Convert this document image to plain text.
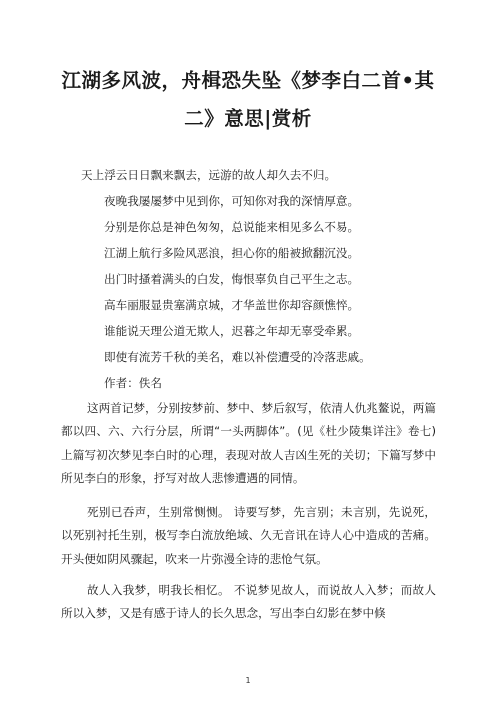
江湖多风波，舟楫恐失坠《梦李白二首•其
二》意思|赏析
天上浮云日日飘来飘去，远游的故人却久去不归。
夜晚我屡屡梦中见到你，可知你对我的深情厚意。
分别是你总是神色匆匆，总说能来相见多么不易。
江湖上航行多险风恶浪，担心你的船被掀翻沉没。
出门时搔着满头的白发，悔恨辜负自己平生之志。
高车丽服显贵塞满京城，才华盖世你却容颜憔悴。
谁能说天理公道无欺人，迟暮之年却无辜受牵累。
即使有流芳千秋的美名，难以补偿遭受的冷落悲戚。
作者：佚名

这两首记梦，分别按梦前、梦中、梦后叙写，依清人仇兆鳌说，两篇都以四、六、六行分层，所谓“一头两脚体”。(见《杜少陵集详注》卷七)上篇写初次梦见李白时的心理，表现对故人吉凶生死的关切；下篇写梦中所见李白的形象，抒写对故人悲惨遭遇的同情。

死别已吞声，生别常恻恻。 诗要写梦，先言别；未言别，先说死，以死别衬托生别，极写李白流放绝域、久无音讯在诗人心中造成的苦痛。开头便如阴风骤起，吹来一片弥漫全诗的悲怆气氛。

故人入我梦，明我长相忆。 不说梦见故人，而说故人入梦；而故人所以入梦，又是有感于诗人的长久思念，写出李白幻影在梦中倏

1
